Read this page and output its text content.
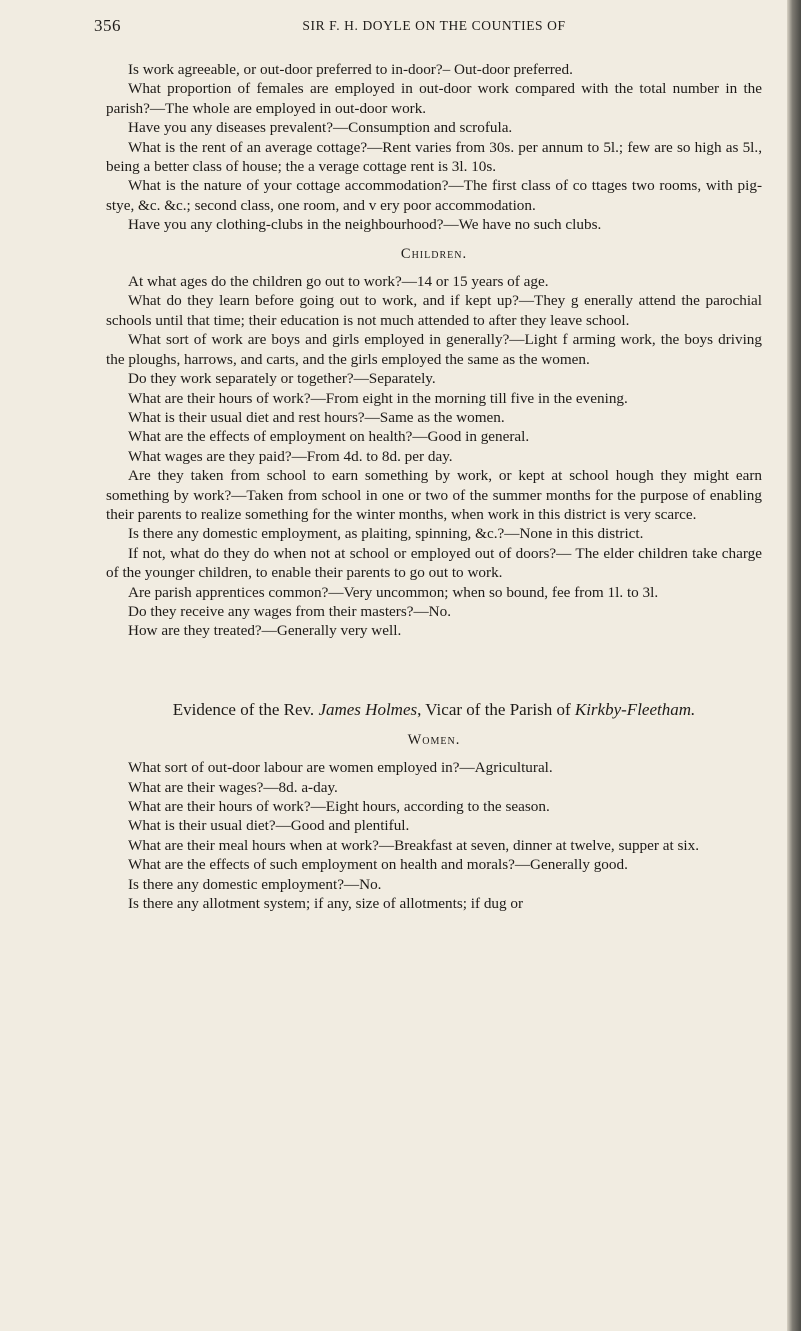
356	SIR F. H. DOYLE ON THE COUNTIES OF

Is work agreeable, or out-door preferred to in-door?– Out-door preferred.

What proportion of females are employed in out-door work compared with the total number in the parish?—The whole are employed in out-door work.

Have you any diseases prevalent?—Consumption and scrofula.

What is the rent of an average cottage?—Rent varies from 30s. per annum to 5l.; few are so high as 5l., being a better class of house; the a verage cottage rent is 3l. 10s.

What is the nature of your cottage accommodation?—The first class of co ttages two rooms, with pig-stye, &c. &c.; second class, one room, and v ery poor accommodation.

Have you any clothing-clubs in the neighbourhood?—We have no such clubs.

Children.

At what ages do the children go out to work?—14 or 15 years of age.

What do they learn before going out to work, and if kept up?—They g enerally attend the parochial schools until that time; their education is not much attended to after they leave school.

What sort of work are boys and girls employed in generally?—Light f arming work, the boys driving the ploughs, harrows, and carts, and the girls employed the same as the women.

Do they work separately or together?—Separately.

What are their hours of work?—From eight in the morning till five in the evening.

What is their usual diet and rest hours?—Same as the women.

What are the effects of employment on health?—Good in general.

What wages are they paid?—From 4d. to 8d. per day.

Are they taken from school to earn something by work, or kept at school hough they might earn something by work?—Taken from school in one or two of the summer months for the purpose of enabling their parents to realize something for the winter months, when work in this district is very scarce.

Is there any domestic employment, as plaiting, spinning, &c.?—None in this district.

If not, what do they do when not at school or employed out of doors?— The elder children take charge of the younger children, to enable their parents to go out to work.

Are parish apprentices common?—Very uncommon; when so bound, fee from 1l. to 3l.

Do they receive any wages from their masters?—No.

How are they treated?—Generally very well.

Evidence of the Rev. James Holmes, Vicar of the Parish of Kirkby-Fleetham.

Women.

What sort of out-door labour are women employed in?—Agricultural.

What are their wages?—8d. a-day.

What are their hours of work?—Eight hours, according to the season.

What is their usual diet?—Good and plentiful.

What are their meal hours when at work?—Breakfast at seven, dinner at twelve, supper at six.

What are the effects of such employment on health and morals?—Generally good.

Is there any domestic employment?—No.

Is there any allotment system; if any, size of allotments; if dug or
